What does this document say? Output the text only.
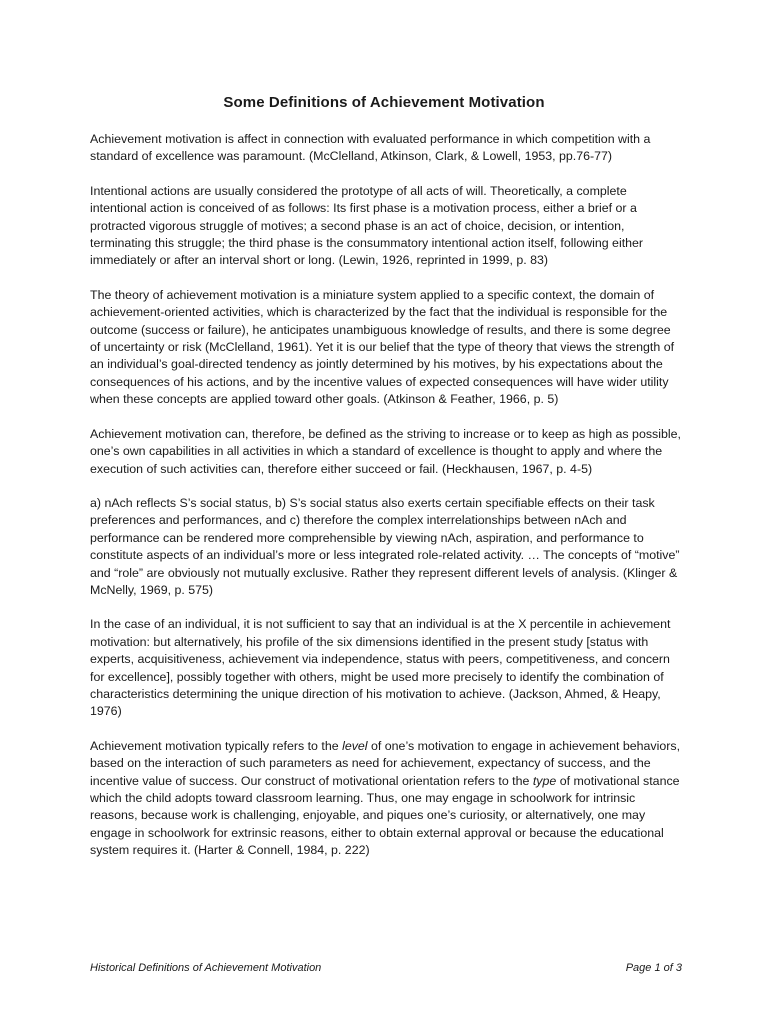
Some Definitions of Achievement Motivation

Achievement motivation is affect in connection with evaluated performance in which competition with a standard of excellence was paramount. (McClelland, Atkinson, Clark, & Lowell, 1953, pp.76-77)

Intentional actions are usually considered the prototype of all acts of will. Theoretically, a complete intentional action is conceived of as follows: Its first phase is a motivation process, either a brief or a protracted vigorous struggle of motives; a second phase is an act of choice, decision, or intention, terminating this struggle; the third phase is the consummatory intentional action itself, following either immediately or after an interval short or long. (Lewin, 1926, reprinted in 1999, p. 83)

The theory of achievement motivation is a miniature system applied to a specific context, the domain of achievement-oriented activities, which is characterized by the fact that the individual is responsible for the outcome (success or failure), he anticipates unambiguous knowledge of results, and there is some degree of uncertainty or risk (McClelland, 1961). Yet it is our belief that the type of theory that views the strength of an individual’s goal-directed tendency as jointly determined by his motives, by his expectations about the consequences of his actions, and by the incentive values of expected consequences will have wider utility when these concepts are applied toward other goals. (Atkinson & Feather, 1966, p. 5)

Achievement motivation can, therefore, be defined as the striving to increase or to keep as high as possible, one’s own capabilities in all activities in which a standard of excellence is thought to apply and where the execution of such activities can, therefore either succeed or fail. (Heckhausen, 1967, p. 4-5)

a) nAch reflects S’s social status, b) S’s social status also exerts certain specifiable effects on their task preferences and performances, and c) therefore the complex interrelationships between nAch and performance can be rendered more comprehensible by viewing nAch, aspiration, and performance to constitute aspects of an individual’s more or less integrated role-related activity. … The concepts of “motive” and “role” are obviously not mutually exclusive. Rather they represent different levels of analysis. (Klinger & McNelly, 1969, p. 575)

In the case of an individual, it is not sufficient to say that an individual is at the X percentile in achievement motivation: but alternatively, his profile of the six dimensions identified in the present study [status with experts, acquisitiveness, achievement via independence, status with peers, competitiveness, and concern for excellence], possibly together with others, might be used more precisely to identify the combination of characteristics determining the unique direction of his motivation to achieve. (Jackson, Ahmed, & Heapy, 1976)

Achievement motivation typically refers to the level of one’s motivation to engage in achievement behaviors, based on the interaction of such parameters as need for achievement, expectancy of success, and the incentive value of success. Our construct of motivational orientation refers to the type of motivational stance which the child adopts toward classroom learning. Thus, one may engage in schoolwork for intrinsic reasons, because work is challenging, enjoyable, and piques one’s curiosity, or alternatively, one may engage in schoolwork for extrinsic reasons, either to obtain external approval or because the educational system requires it. (Harter & Connell, 1984, p. 222)

Historical Definitions of Achievement Motivation	Page 1 of 3
